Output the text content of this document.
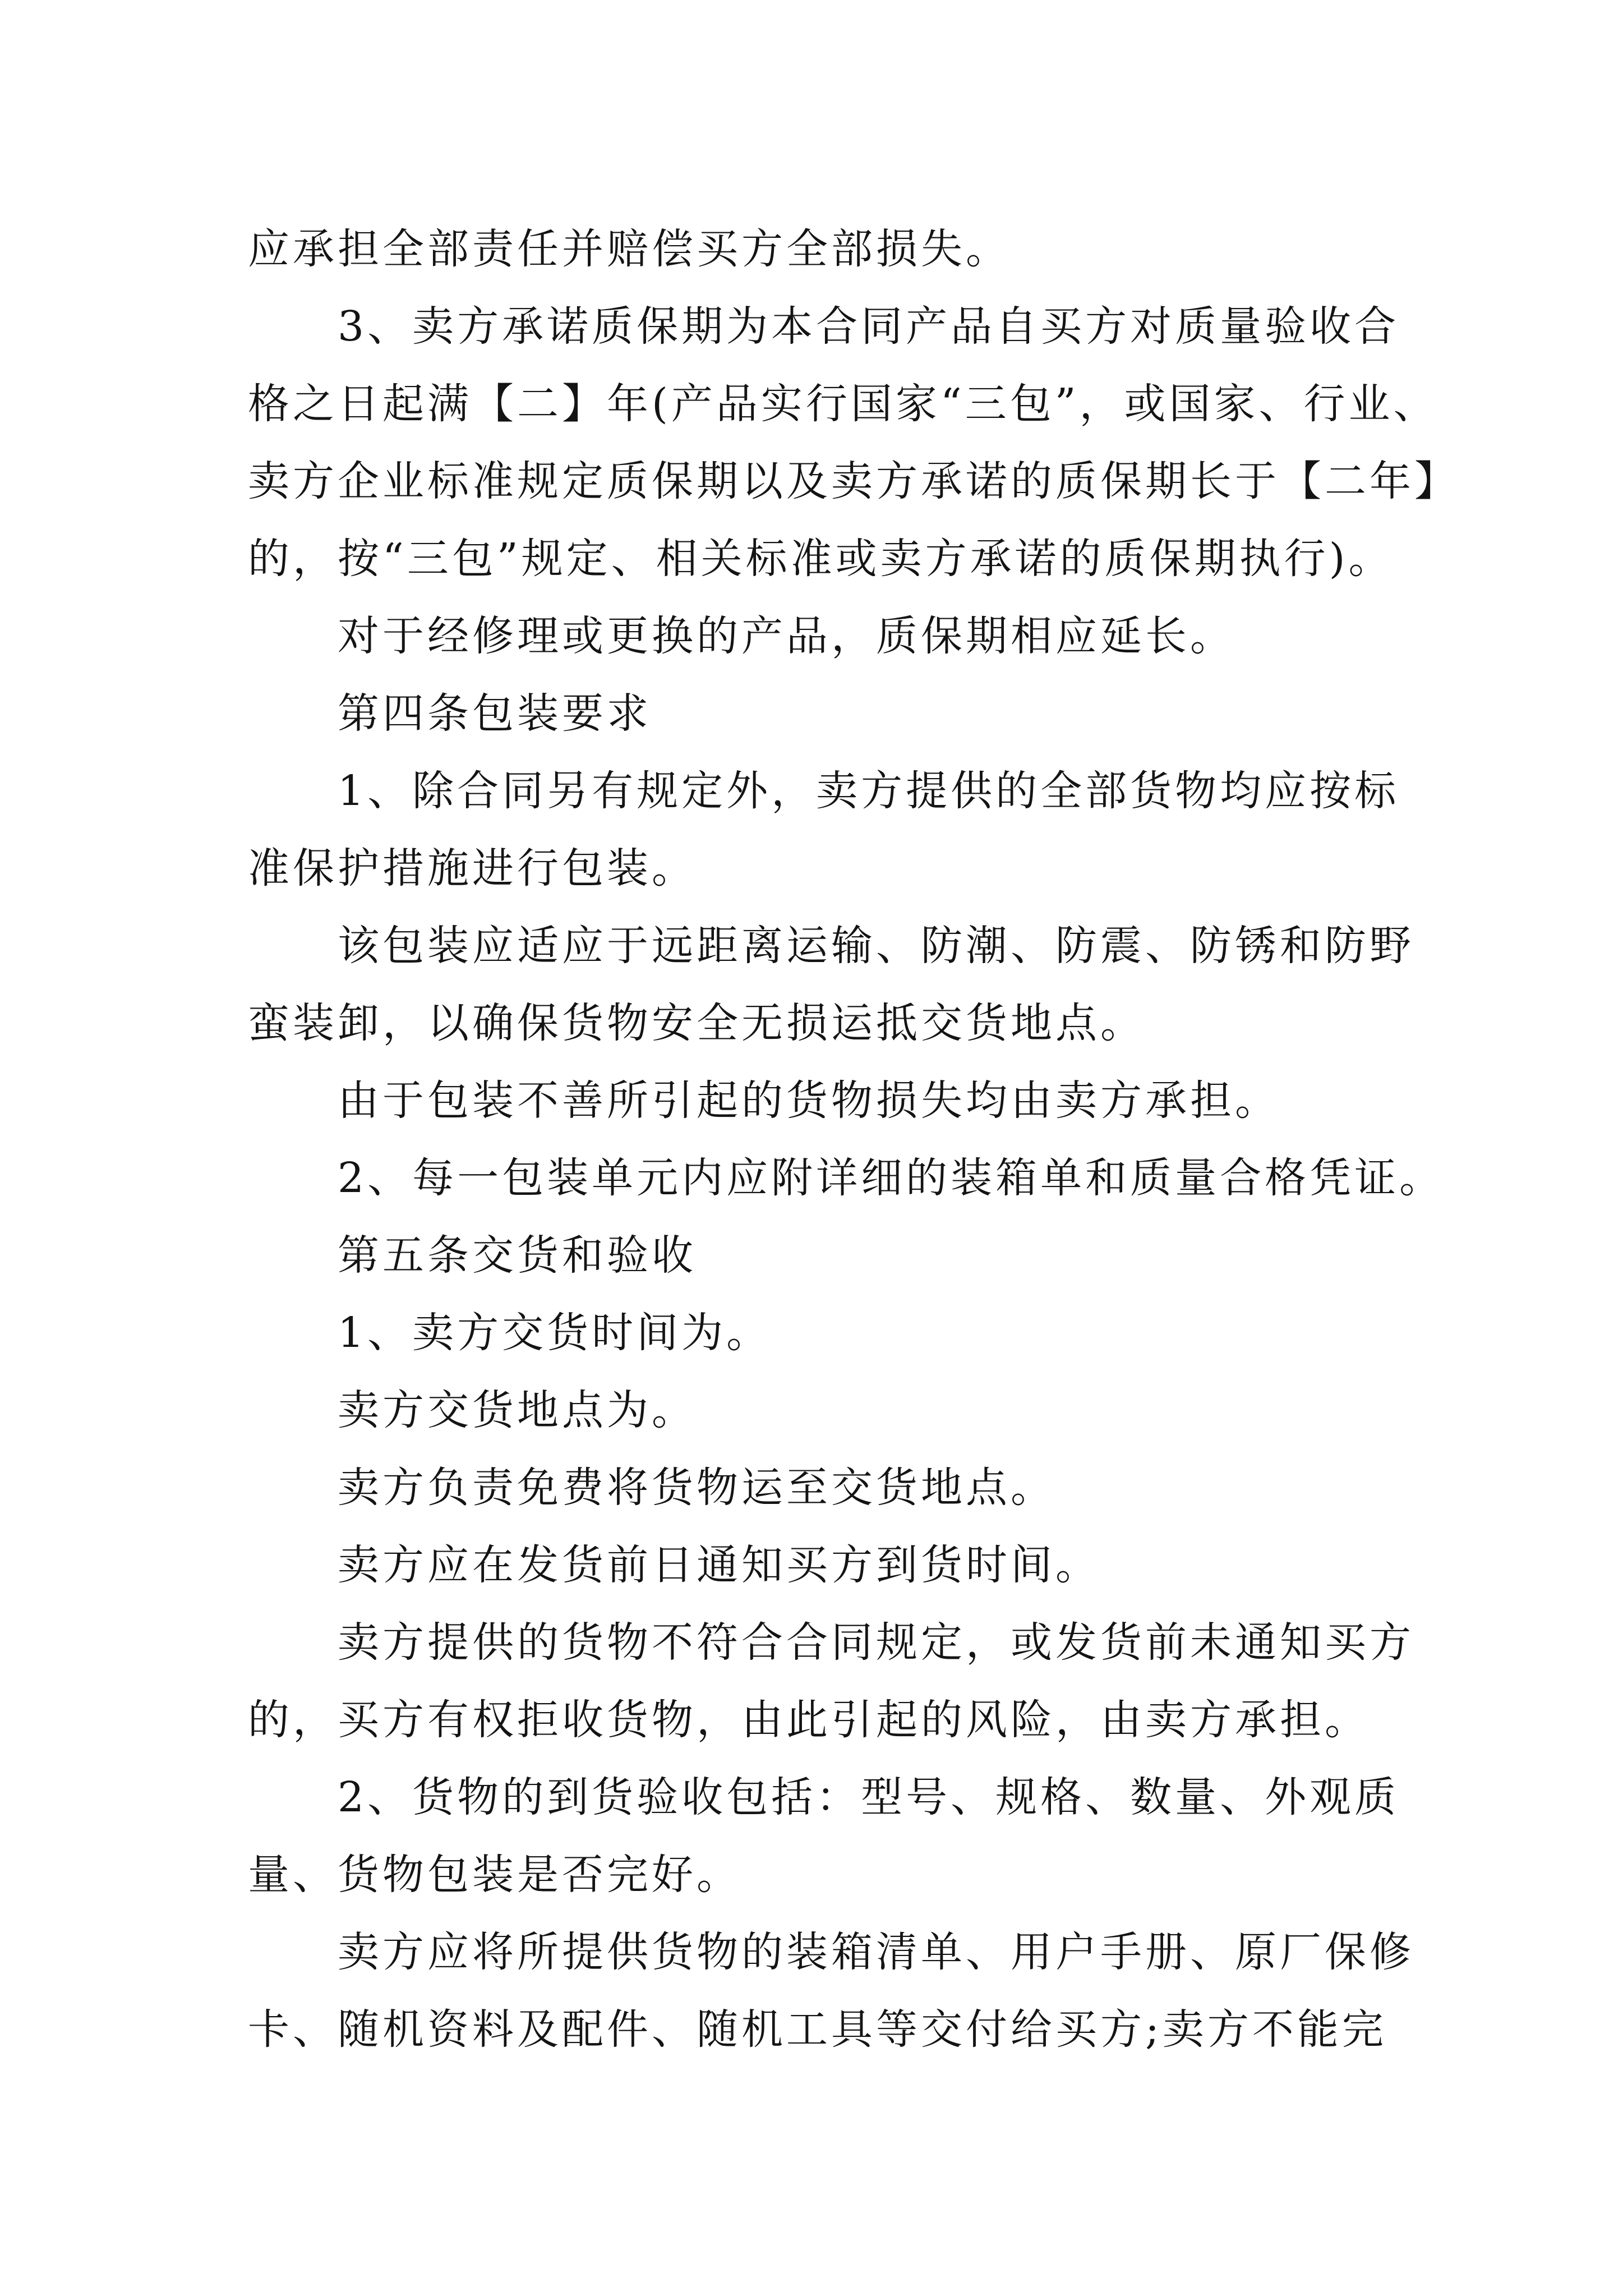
应承担全部责任并赔偿买方全部损失。

3、卖方承诺质保期为本合同产品自买方对质量验收合

格之日起满【二】年(产品实行国家“三包”，或国家、行业、

卖方企业标准规定质保期以及卖方承诺的质保期长于【二年】

的，按“三包”规定、相关标准或卖方承诺的质保期执行)。

对于经修理或更换的产品，质保期相应延长。

第四条包装要求

1、除合同另有规定外，卖方提供的全部货物均应按标

准保护措施进行包装。

该包装应适应于远距离运输、防潮、防震、防锈和防野

蛮装卸，以确保货物安全无损运抵交货地点。

由于包装不善所引起的货物损失均由卖方承担。

2、每一包装单元内应附详细的装箱单和质量合格凭证。

第五条交货和验收

1、卖方交货时间为。

卖方交货地点为。

卖方负责免费将货物运至交货地点。

卖方应在发货前日通知买方到货时间。

卖方提供的货物不符合合同规定，或发货前未通知买方

的，买方有权拒收货物，由此引起的风险，由卖方承担。

2、货物的到货验收包括：型号、规格、数量、外观质

量、货物包装是否完好。

卖方应将所提供货物的装箱清单、用户手册、原厂保修

卡、随机资料及配件、随机工具等交付给买方;卖方不能完
